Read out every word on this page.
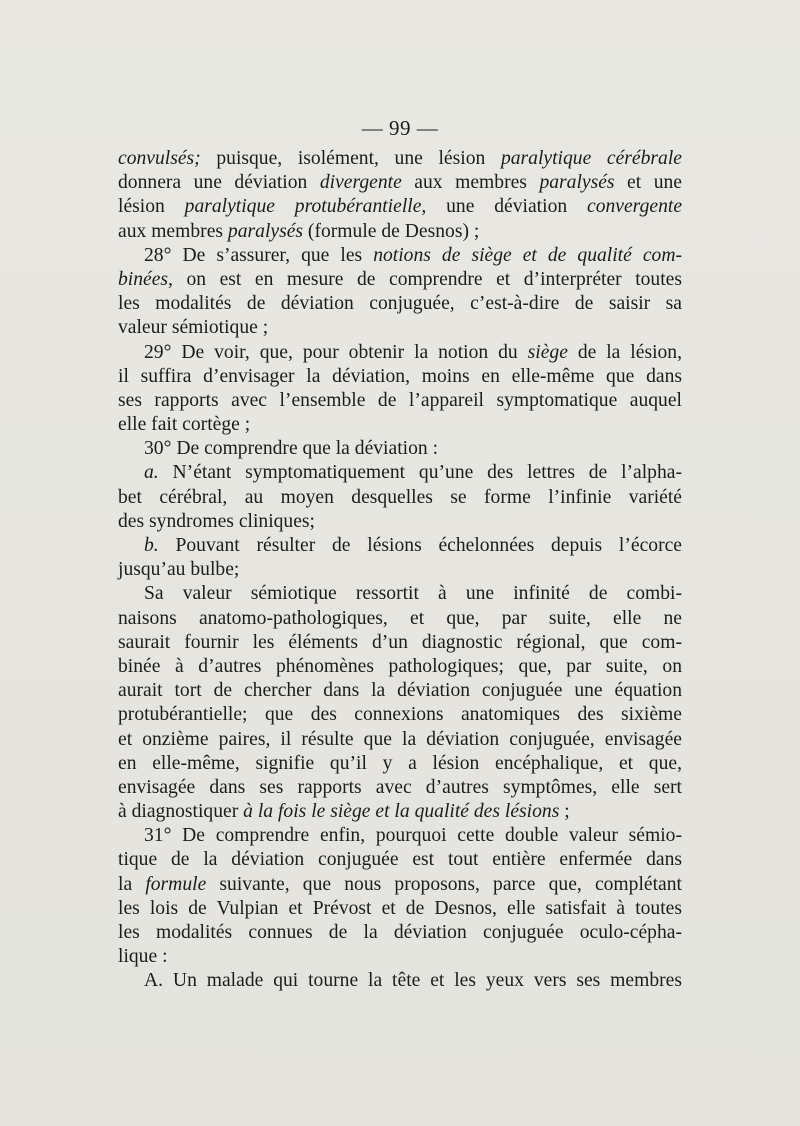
— 99 —
convulsés; puisque, isolément, une lésion paralytique cérébrale
donnera une déviation divergente aux membres paralysés et une
lésion paralytique protubérantielle, une déviation convergente
aux membres paralysés (formule de Desnos) ;
28° De s’assurer, que les notions de siège et de qualité com-
binées, on est en mesure de comprendre et d’interpréter toutes
les modalités de déviation conjuguée, c’est-à-dire de saisir sa
valeur sémiotique ;
29° De voir, que, pour obtenir la notion du siège de la lésion,
il suffira d’envisager la déviation, moins en elle-même que dans
ses rapports avec l’ensemble de l’appareil symptomatique auquel
elle fait cortège ;
30° De comprendre que la déviation :
a. N’étant symptomatiquement qu’une des lettres de l’alpha-
bet cérébral, au moyen desquelles se forme l’infinie variété
des syndromes cliniques;
b. Pouvant résulter de lésions échelonnées depuis l’écorce
jusqu’au bulbe;
Sa valeur sémiotique ressortit à une infinité de combi-
naisons anatomo-pathologiques, et que, par suite, elle ne
saurait fournir les éléments d’un diagnostic régional, que com-
binée à d’autres phénomènes pathologiques; que, par suite, on
aurait tort de chercher dans la déviation conjuguée une équation
protubérantielle; que des connexions anatomiques des sixième
et onzième paires, il résulte que la déviation conjuguée, envisagée
en elle-même, signifie qu’il y a lésion encéphalique, et que,
envisagée dans ses rapports avec d’autres symptômes, elle sert
à diagnostiquer à la fois le siège et la qualité des lésions ;
31° De comprendre enfin, pourquoi cette double valeur sémio-
tique de la déviation conjuguée est tout entière enfermée dans
la formule suivante, que nous proposons, parce que, complétant
les lois de Vulpian et Prévost et de Desnos, elle satisfait à toutes
les modalités connues de la déviation conjuguée oculo-cépha-
lique :
A. Un malade qui tourne la tête et les yeux vers ses membres
